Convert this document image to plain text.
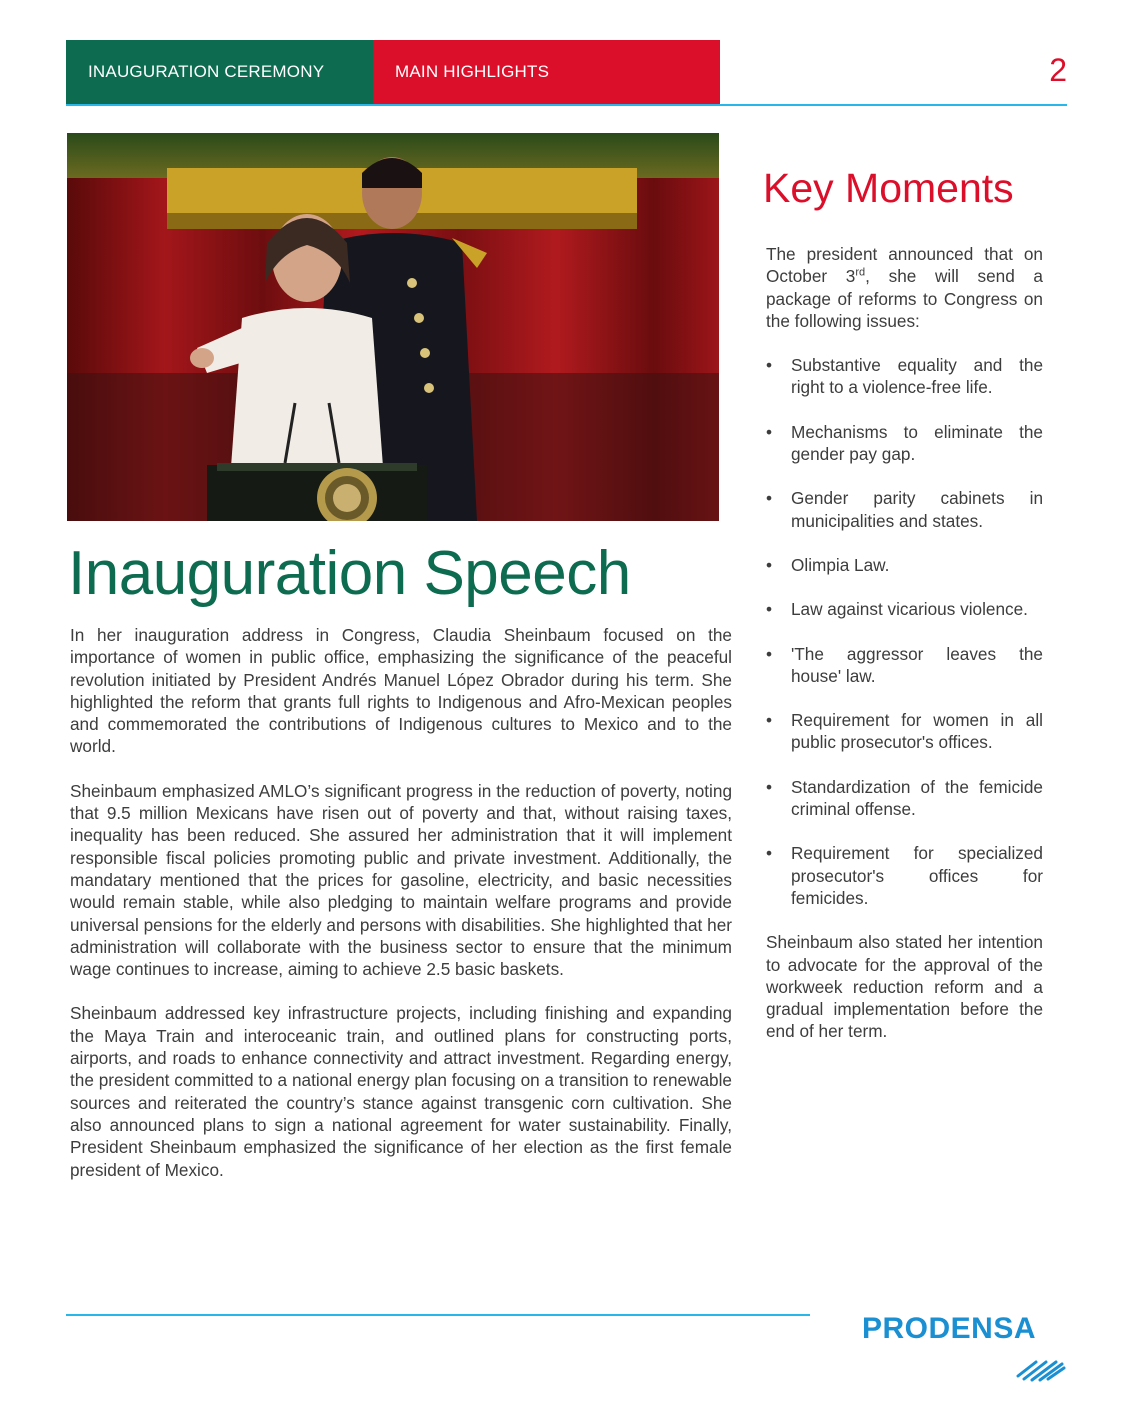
INAUGURATION CEREMONY	MAIN HIGHLIGHTS	2
Inauguration Speech

In her inauguration address in Congress, Claudia Sheinbaum focused on the importance of women in public office, emphasizing the significance of the peaceful revolution initiated by President Andrés Manuel López Obrador during his term. She highlighted the reform that grants full rights to Indigenous and Afro-Mexican peoples and commemorated the contributions of Indigenous cultures to Mexico and to the world.

Sheinbaum emphasized AMLO’s significant progress in the reduction of poverty, noting that 9.5 million Mexicans have risen out of poverty and that, without raising taxes, inequality has been reduced. She assured her administration that it will implement responsible fiscal policies promoting public and private investment. Additionally, the mandatary mentioned that the prices for gasoline, electricity, and basic necessities would remain stable, while also pledging to maintain welfare programs and provide universal pensions for the elderly and persons with disabilities. She highlighted that her administration will collaborate with the business sector to ensure that the minimum wage continues to increase, aiming to achieve 2.5 basic baskets.

Sheinbaum addressed key infrastructure projects, including finishing and expanding the Maya Train and interoceanic train, and outlined plans for constructing ports, airports, and roads to enhance connectivity and attract investment. Regarding energy, the president committed to a national energy plan focusing on a transition to renewable sources and reiterated the country’s stance against transgenic corn cultivation. She also announced plans to sign a national agreement for water sustainability. Finally, President Sheinbaum emphasized the significance of her election as the first female president of Mexico.

Key Moments

The president announced that on October 3rd, she will send a package of reforms to Congress on the following issues:

• Substantive equality and the right to a violence-free life.
• Mechanisms to eliminate the gender pay gap.
• Gender parity cabinets in municipalities and states.
• Olimpia Law.
• Law against vicarious violence.
• 'The aggressor leaves the house' law.
• Requirement for women in all public prosecutor's offices.
• Standardization of the femicide criminal offense.
• Requirement for specialized prosecutor's offices for femicides.

Sheinbaum also stated her intention to advocate for the approval of the workweek reduction reform and a gradual implementation before the end of her term.

PRODENSA
